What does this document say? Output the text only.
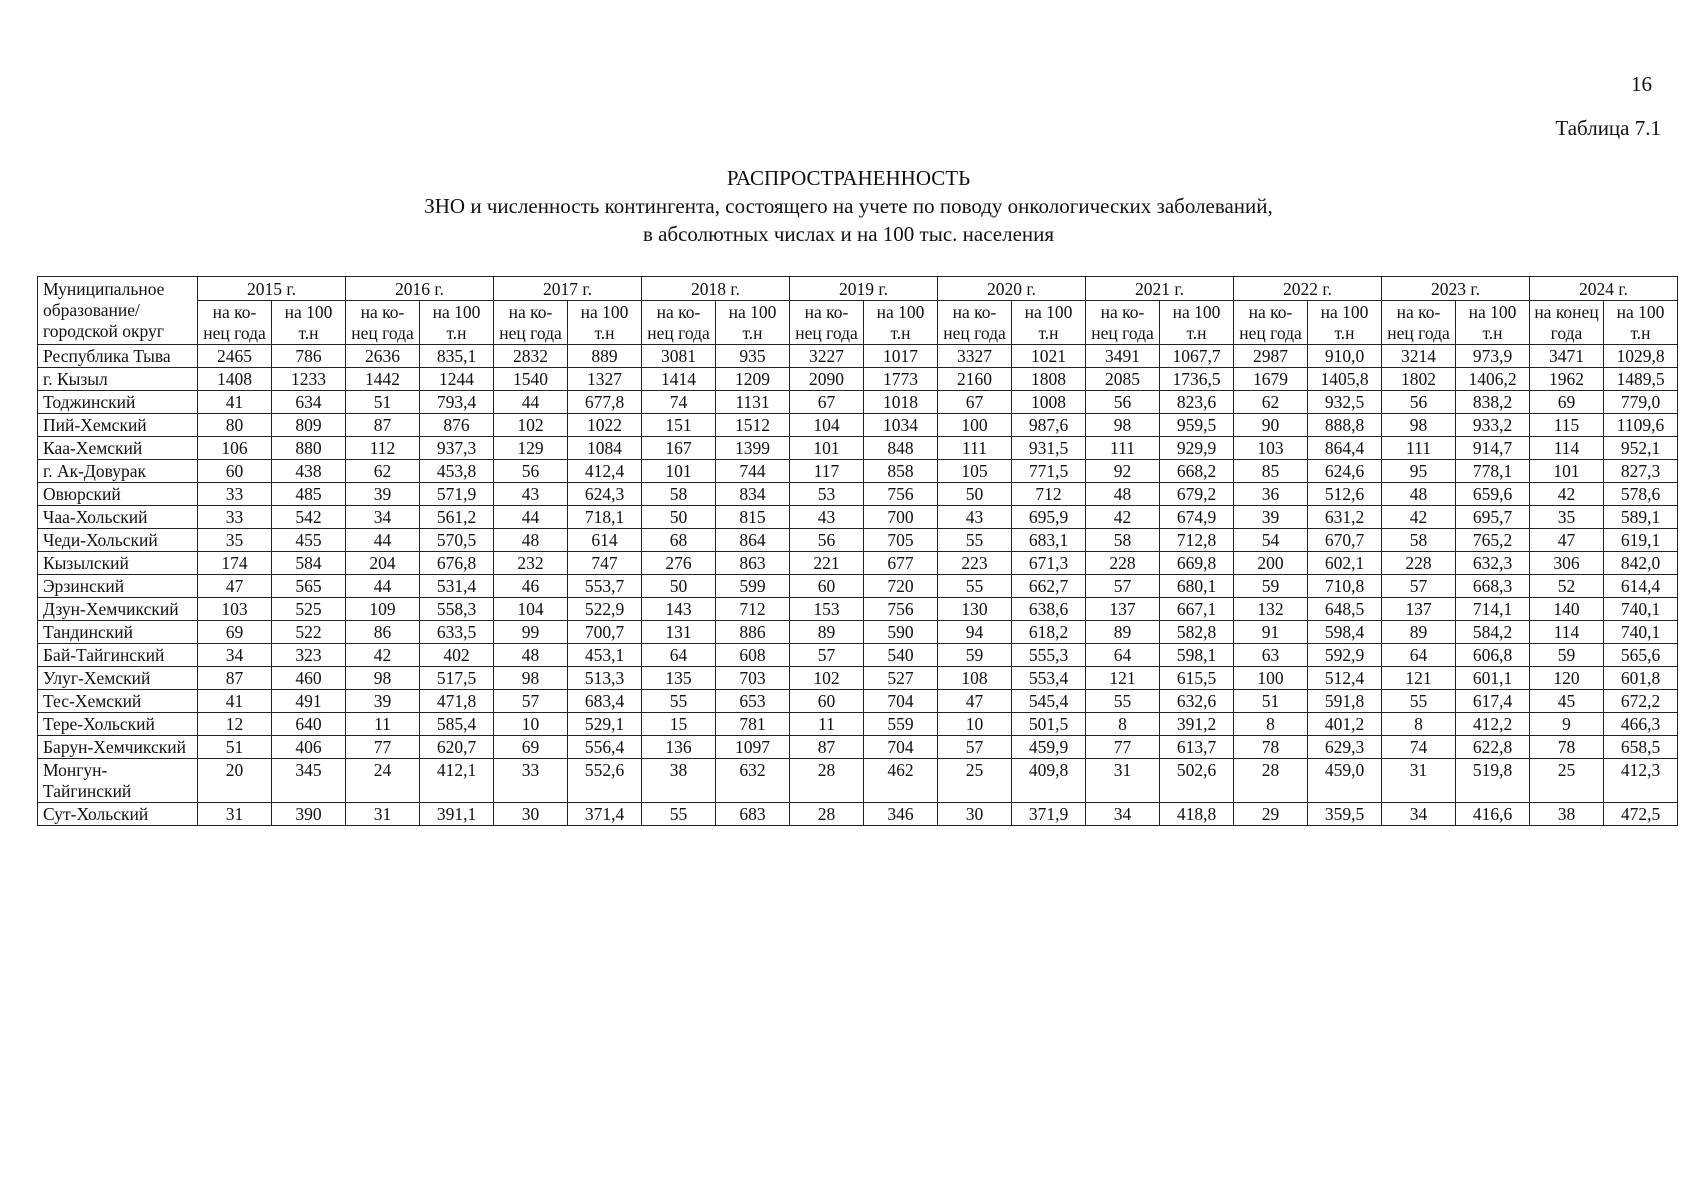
16
Таблица 7.1
РАСПРОСТРАНЕННОСТЬ
ЗНО и численность контингента, состоящего на учете по поводу онкологических заболеваний,
в абсолютных числах и на 100 тыс. населения
Муниципальное образование/ городской округ	2015 г.		2016 г.		2017 г.		2018 г.		2019 г.		2020 г.		2021 г.		2022 г.		2023 г.		2024 г.	
	на ко- нец года	на 100 т.н	на ко- нец года	на 100 т.н	на ко- нец года	на 100 т.н	на ко- нец года	на 100 т.н	на ко- нец года	на 100 т.н	на ко- нец года	на 100 т.н	на ко- нец года	на 100 т.н	на ко- нец года	на 100 т.н	на ко- нец года	на 100 т.н	на конец года	на 100 т.н
Республика Тыва	2465	786	2636	835,1	2832	889	3081	935	3227	1017	3327	1021	3491	1067,7	2987	910,0	3214	973,9	3471	1029,8
г. Кызыл	1408	1233	1442	1244	1540	1327	1414	1209	2090	1773	2160	1808	2085	1736,5	1679	1405,8	1802	1406,2	1962	1489,5
Тоджинский	41	634	51	793,4	44	677,8	74	1131	67	1018	67	1008	56	823,6	62	932,5	56	838,2	69	779,0
Пий-Хемский	80	809	87	876	102	1022	151	1512	104	1034	100	987,6	98	959,5	90	888,8	98	933,2	115	1109,6
Каа-Хемский	106	880	112	937,3	129	1084	167	1399	101	848	111	931,5	111	929,9	103	864,4	111	914,7	114	952,1
г. Ак-Довурак	60	438	62	453,8	56	412,4	101	744	117	858	105	771,5	92	668,2	85	624,6	95	778,1	101	827,3
Овюрский	33	485	39	571,9	43	624,3	58	834	53	756	50	712	48	679,2	36	512,6	48	659,6	42	578,6
Чаа-Хольский	33	542	34	561,2	44	718,1	50	815	43	700	43	695,9	42	674,9	39	631,2	42	695,7	35	589,1
Чеди-Хольский	35	455	44	570,5	48	614	68	864	56	705	55	683,1	58	712,8	54	670,7	58	765,2	47	619,1
Кызылский	174	584	204	676,8	232	747	276	863	221	677	223	671,3	228	669,8	200	602,1	228	632,3	306	842,0
Эрзинский	47	565	44	531,4	46	553,7	50	599	60	720	55	662,7	57	680,1	59	710,8	57	668,3	52	614,4
Дзун-Хемчикский	103	525	109	558,3	104	522,9	143	712	153	756	130	638,6	137	667,1	132	648,5	137	714,1	140	740,1
Тандинский	69	522	86	633,5	99	700,7	131	886	89	590	94	618,2	89	582,8	91	598,4	89	584,2	114	740,1
Бай-Тайгинский	34	323	42	402	48	453,1	64	608	57	540	59	555,3	64	598,1	63	592,9	64	606,8	59	565,6
Улуг-Хемский	87	460	98	517,5	98	513,3	135	703	102	527	108	553,4	121	615,5	100	512,4	121	601,1	120	601,8
Тес-Хемский	41	491	39	471,8	57	683,4	55	653	60	704	47	545,4	55	632,6	51	591,8	55	617,4	45	672,2
Тере-Хольский	12	640	11	585,4	10	529,1	15	781	11	559	10	501,5	8	391,2	8	401,2	8	412,2	9	466,3
Барун-Хемчикский	51	406	77	620,7	69	556,4	136	1097	87	704	57	459,9	77	613,7	78	629,3	74	622,8	78	658,5
Монгун-Тайгинский	20	345	24	412,1	33	552,6	38	632	28	462	25	409,8	31	502,6	28	459,0	31	519,8	25	412,3
Сут-Хольский	31	390	31	391,1	30	371,4	55	683	28	346	30	371,9	34	418,8	29	359,5	34	416,6	38	472,5
